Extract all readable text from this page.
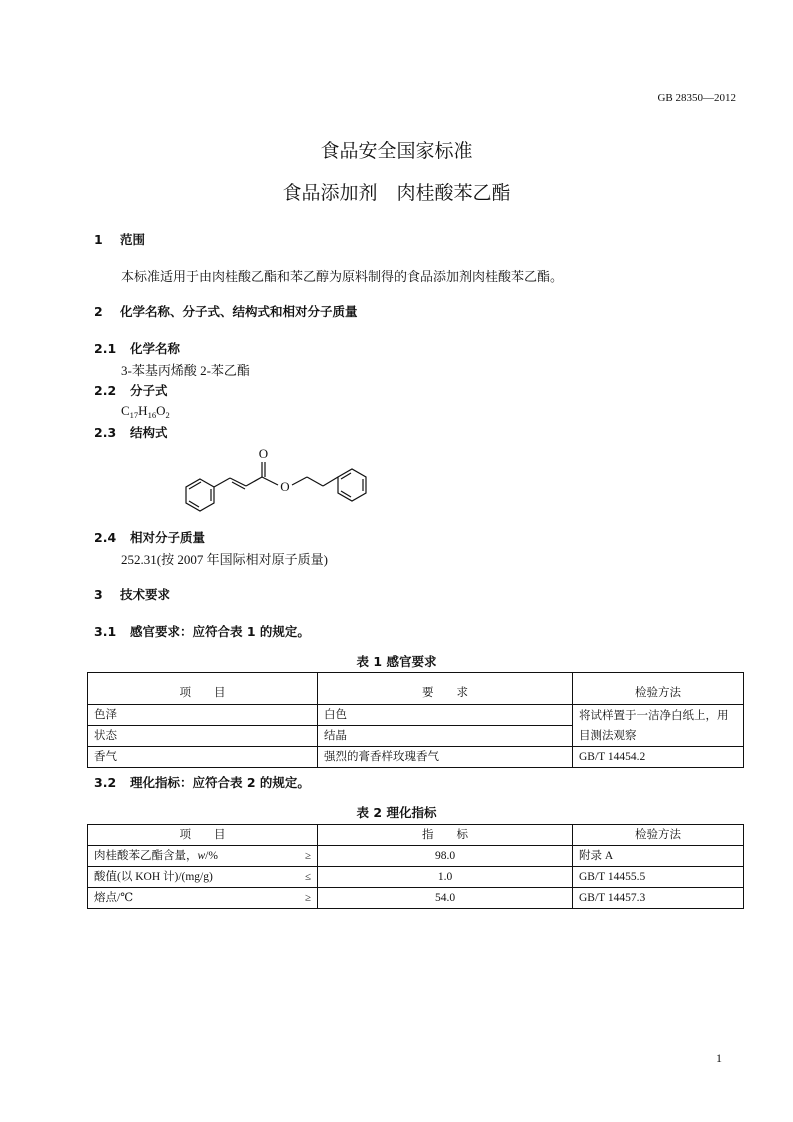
GB 28350—2012
食品安全国家标准
食品添加剂　肉桂酸苯乙酯
1 范围
本标准适用于由肉桂酸乙酯和苯乙醇为原料制得的食品添加剂肉桂酸苯乙酯。
2 化学名称、分子式、结构式和相对分子质量
2.1 化学名称
3-苯基丙烯酸 2-苯乙酯
2.2 分子式
$C_{17}H_{16}O_2$
2.3 结构式
O
O
2.4 相对分子质量
252.31(按 2007 年国际相对原子质量)
3 技术要求
3.1 感官要求：应符合表 1 的规定。
表 1 感官要求
项　　目	要　　求	检验方法
色泽	白色	将试样置于一洁净白纸上，用
目测法观察

状态	结晶	
香气	强烈的膏香样玫瑰香气	GB/T 14454.2
3.2 理化指标：应符合表 2 的规定。
表 2 理化指标
项　　目	指　　标	检验方法
肉桂酸苯乙酯含量，w/% ≥	98.0	附录 A
酸值(以 KOH 计)/(mg/g) ≤	1.0	GB/T 14455.5
熔点/℃ ≥	54.0	GB/T 14457.3
1
